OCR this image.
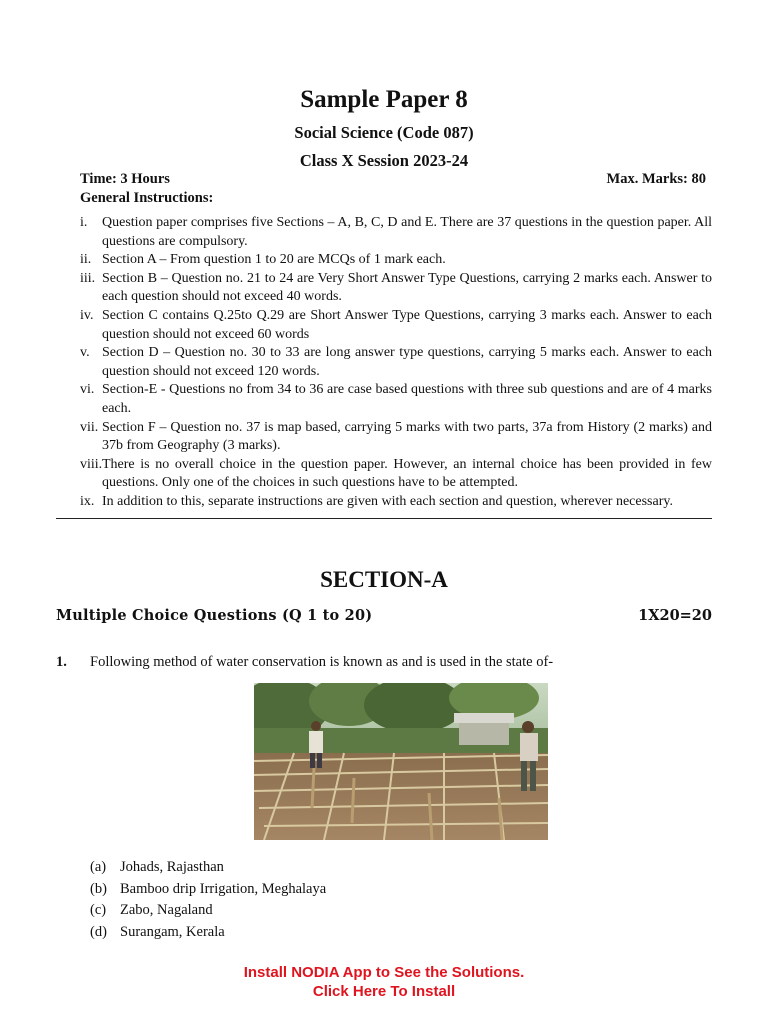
Sample Paper 8
Social Science (Code 087)
Class X Session 2023-24
Time: 3 Hours	Max. Marks: 80
General Instructions:
i.	Question paper comprises five Sections – A, B, C, D and E. There are 37 questions in the question paper. All questions are compulsory.
ii. Section A – From question 1 to 20 are MCQs of 1 mark each.
iii. Section B – Question no. 21 to 24 are Very Short Answer Type Questions, carrying 2 marks each. Answer to each question should not exceed 40 words.
iv. Section C contains Q.25to Q.29 are Short Answer Type Questions, carrying 3 marks each. Answer to each question should not exceed 60 words
v. Section D – Question no. 30 to 33 are long answer type questions, carrying 5 marks each. Answer to each question should not exceed 120 words.
vi. Section-E - Questions no from 34 to 36 are case based questions with three sub questions and are of 4 marks each.
vii. Section F – Question no. 37 is map based, carrying 5 marks with two parts, 37a from History (2 marks) and 37b from Geography (3 marks).
viii. There is no overall choice in the question paper. However, an internal choice has been provided in few questions. Only one of the choices in such questions have to be attempted.
ix. In addition to this, separate instructions are given with each section and question, wherever necessary.
SECTION-A
Multiple Choice Questions (Q 1 to 20)	1X20=20
1. Following method of water conservation is known as and is used in the state of-
(a) Johads, Rajasthan
(b) Bamboo drip Irrigation, Meghalaya
(c) Zabo, Nagaland
(d) Surangam, Kerala
Install NODIA App to See the Solutions.
Click Here To Install
